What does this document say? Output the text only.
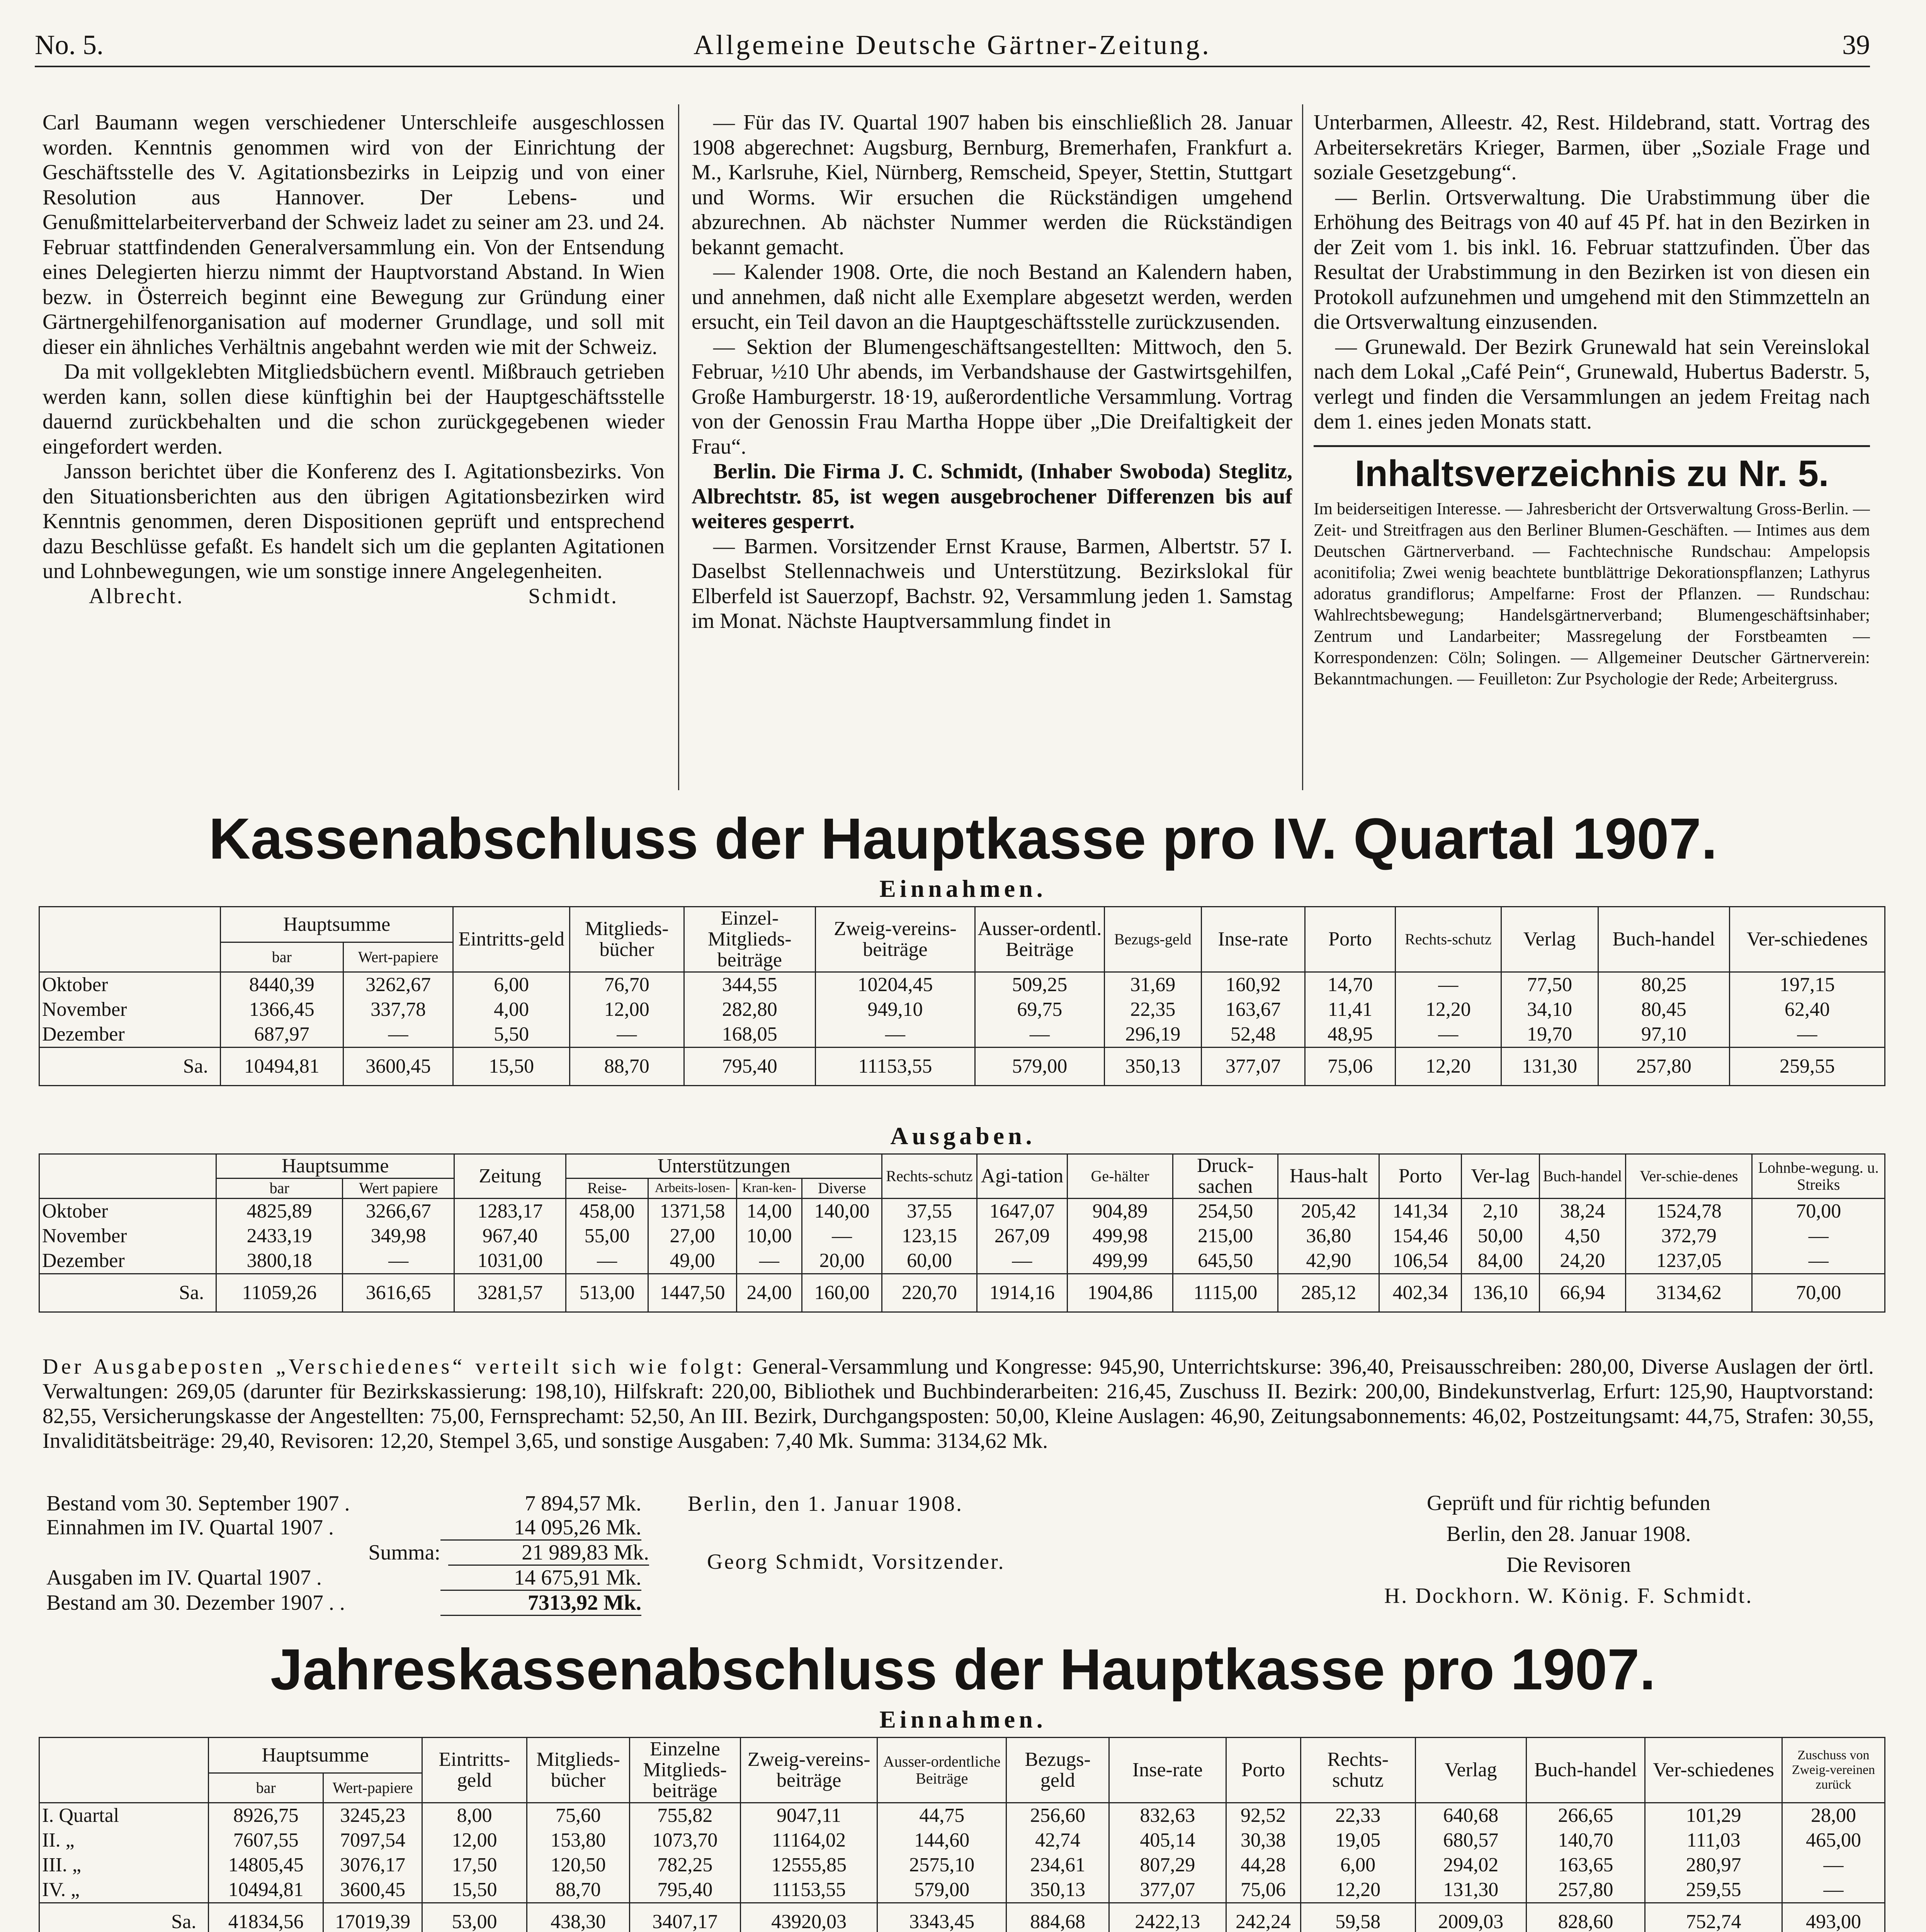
No. 5.	Allgemeine Deutsche Gärtner-Zeitung.	39

Carl Baumann wegen verschiedener Unterschleife ausgeschlossen worden. Kenntnis genommen wird von der Einrichtung der Geschäftsstelle des V. Agitationsbezirks in Leipzig und von einer Resolution aus Hannover. Der Lebens- und Genußmittelarbeiterverband der Schweiz ladet zu seiner am 23. und 24. Februar stattfindenden Generalversammlung ein. Von der Entsendung eines Delegierten hierzu nimmt der Hauptvorstand Abstand. In Wien bezw. in Österreich beginnt eine Bewegung zur Gründung einer Gärtnergehilfenorganisation auf moderner Grundlage, und soll mit dieser ein ähnliches Verhältnis angebahnt werden wie mit der Schweiz.

Da mit vollgeklebten Mitgliedsbüchern eventl. Mißbrauch getrieben werden kann, sollen diese künftighin bei der Hauptgeschäftsstelle dauernd zurückbehalten und die schon zurückgegebenen wieder eingefordert werden.

Jansson berichtet über die Konferenz des I. Agitationsbezirks. Von den Situationsberichten aus den übrigen Agitationsbezirken wird Kenntnis genommen, deren Dispositionen geprüft und entsprechend dazu Beschlüsse gefaßt. Es handelt sich um die geplanten Agitationen und Lohnbewegungen, wie um sonstige innere Angelegenheiten.

Albrecht.	Schmidt.

— Für das IV. Quartal 1907 haben bis einschließlich 28. Januar 1908 abgerechnet: Augsburg, Bernburg, Bremerhafen, Frankfurt a. M., Karlsruhe, Kiel, Nürnberg, Remscheid, Speyer, Stettin, Stuttgart und Worms. Wir ersuchen die Rückständigen umgehend abzurechnen. Ab nächster Nummer werden die Rückständigen bekannt gemacht.

— Kalender 1908. Orte, die noch Bestand an Kalendern haben, und annehmen, daß nicht alle Exemplare abgesetzt werden, werden ersucht, ein Teil davon an die Hauptgeschäftsstelle zurückzusenden.

— Sektion der Blumengeschäftsangestellten: Mittwoch, den 5. Februar, ½10 Uhr abends, im Verbandshause der Gastwirtsgehilfen, Große Hamburgerstr. 18·19, außerordentliche Versammlung. Vortrag von der Genossin Frau Martha Hoppe über „Die Dreifaltigkeit der Frau“.

Berlin. Die Firma J. C. Schmidt, (Inhaber Swoboda) Steglitz, Albrechtstr. 85, ist wegen ausgebrochener Differenzen bis auf weiteres gesperrt.

— Barmen. Vorsitzender Ernst Krause, Barmen, Albertstr. 57 I. Daselbst Stellennachweis und Unterstützung. Bezirkslokal für Elberfeld ist Sauerzopf, Bachstr. 92, Versammlung jeden 1. Samstag im Monat. Nächste Hauptversammlung findet in

Unterbarmen, Alleestr. 42, Rest. Hildebrand, statt. Vortrag des Arbeitersekretärs Krieger, Barmen, über „Soziale Frage und soziale Gesetzgebung“.

— Berlin. Ortsverwaltung. Die Urabstimmung über die Erhöhung des Beitrags von 40 auf 45 Pf. hat in den Bezirken in der Zeit vom 1. bis inkl. 16. Februar stattzufinden. Über das Resultat der Urabstimmung in den Bezirken ist von diesen ein Protokoll aufzunehmen und umgehend mit den Stimmzetteln an die Ortsverwaltung einzusenden.

— Grunewald. Der Bezirk Grunewald hat sein Vereinslokal nach dem Lokal „Café Pein“, Grunewald, Hubertus Baderstr. 5, verlegt und finden die Versammlungen an jedem Freitag nach dem 1. eines jeden Monats statt.

Inhaltsverzeichnis zu Nr. 5.
Im beiderseitigen Interesse. — Jahresbericht der Ortsverwaltung Gross-Berlin. — Zeit- und Streitfragen aus den Berliner Blumen-Geschäften. — Intimes aus dem Deutschen Gärtnerverband. — Fachtechnische Rundschau: Ampelopsis aconitifolia; Zwei wenig beachtete buntblättrige Dekorationspflanzen; Lathyrus adoratus grandiflorus; Ampelfarne: Frost der Pflanzen. — Rundschau: Wahlrechtsbewegung; Handelsgärtnerverband; Blumengeschäftsinhaber; Zentrum und Landarbeiter; Massregelung der Forstbeamten — Korrespondenzen: Cöln; Solingen. — Allgemeiner Deutscher Gärtnerverein: Bekanntmachungen. — Feuilleton: Zur Psychologie der Rede; Arbeitergruss.
Kassenabschluss der Hauptkasse pro IV. Quartal 1907.
Einnahmen.
	Hauptsumme		Eintritts-geld	Mitglieds-bücher	Einzel-Mitglieds-beiträge	Zweig-vereins-beiträge	Ausser-ordentl. Beiträge	Bezugs-geld	Inse-rate	Porto	Rechts-schutz	Verlag	Buch-handel	Ver-schiedenes
	bar	Wert-papiere												
Oktober	8440,39	3262,67	6,00	76,70	344,55	10204,45	509,25	31,69	160,92	14,70	—	77,50	80,25	197,15
November	1366,45	337,78	4,00	12,00	282,80	949,10	69,75	22,35	163,67	11,41	12,20	34,10	80,45	62,40
Dezember	687,97	—	5,50	—	168,05	—	—	296,19	52,48	48,95	—	19,70	97,10	—
Sa.	10494,81	3600,45	15,50	88,70	795,40	11153,55	579,00	350,13	377,07	75,06	12,20	131,30	257,80	259,55
Ausgaben.
	Hauptsumme		Zeitung	Unterstützungen				Rechts-schutz	Agi-tation	Ge-hälter	Druck-sachen	Haus-halt	Porto	Ver-lag	Buch-handel	Ver-schie-denes	Lohnbe-wegung. u. Streiks
	bar	Wert papiere		Reise-	Arbeits-losen-	Kran-ken-	Diverse										
Oktober	4825,89	3266,67	1283,17	458,00	1371,58	14,00	140,00	37,55	1647,07	904,89	254,50	205,42	141,34	2,10	38,24	1524,78	70,00
November	2433,19	349,98	967,40	55,00	27,00	10,00	—	123,15	267,09	499,98	215,00	36,80	154,46	50,00	4,50	372,79	—
Dezember	3800,18	—	1031,00	—	49,00	—	20,00	60,00	—	499,99	645,50	42,90	106,54	84,00	24,20	1237,05	—
Sa.	11059,26	3616,65	3281,57	513,00	1447,50	24,00	160,00	220,70	1914,16	1904,86	1115,00	285,12	402,34	136,10	66,94	3134,62	70,00
Der Ausgabeposten „Verschiedenes“ verteilt sich wie folgt: General-Versammlung und Kongresse: 945,90, Unterrichtskurse: 396,40, Preisausschreiben: 280,00, Diverse Auslagen der örtl. Verwaltungen: 269,05 (darunter für Bezirkskassierung: 198,10), Hilfskraft: 220,00, Bibliothek und Buchbinderarbeiten: 216,45, Zuschuss II. Bezirk: 200,00, Bindekunstverlag, Erfurt: 125,90, Hauptvorstand: 82,55, Versicherungskasse der Angestellten: 75,00, Fernsprechamt: 52,50, An III. Bezirk, Durchgangsposten: 50,00, Kleine Auslagen: 46,90, Zeitungsabonnements: 46,02, Postzeitungsamt: 44,75, Strafen: 30,55, Invaliditätsbeiträge: 29,40, Revisoren: 12,20, Stempel 3,65, und sonstige Ausgaben: 7,40 Mk. Summa: 3134,62 Mk.
Bestand vom 30. September 1907 .	7 894,57 Mk.
Einnahmen im IV. Quartal 1907 .	14 095,26 Mk.
Summa:	21 989,83 Mk.
Ausgaben im IV. Quartal 1907 .	14 675,91 Mk.
Bestand am 30. Dezember 1907 . .	7313,92 Mk.
Berlin, den 1. Januar 1908.
Georg Schmidt, Vorsitzender.
Geprüft und für richtig befunden
Berlin, den 28. Januar 1908.
Die Revisoren
H. Dockhorn. W. König. F. Schmidt.
Jahreskassenabschluss der Hauptkasse pro 1907.
Einnahmen.
	Hauptsumme		Eintritts-geld	Mitglieds-bücher	Einzelne Mitglieds-beiträge	Zweig-vereins-beiträge	Ausser-ordentliche Beiträge	Bezugs-geld	Inse-rate	Porto	Rechts-schutz	Verlag	Buch-handel	Ver-schiedenes	Zuschuss von Zweig-vereinen zurück
	bar	Wert-papiere													
I. Quartal	8926,75	3245,23	8,00	75,60	755,82	9047,11	44,75	256,60	832,63	92,52	22,33	640,68	266,65	101,29	28,00
II. „	7607,55	7097,54	12,00	153,80	1073,70	11164,02	144,60	42,74	405,14	30,38	19,05	680,57	140,70	111,03	465,00
III. „	14805,45	3076,17	17,50	120,50	782,25	12555,85	2575,10	234,61	807,29	44,28	6,00	294,02	163,65	280,97	—
IV. „	10494,81	3600,45	15,50	88,70	795,40	11153,55	579,00	350,13	377,07	75,06	12,20	131,30	257,80	259,55	—
Sa.	41834,56	17019,39	53,00	438,30	3407,17	43920,03	3343,45	884,68	2422,13	242,24	59,58	2009,03	828,60	752,74	493,00
